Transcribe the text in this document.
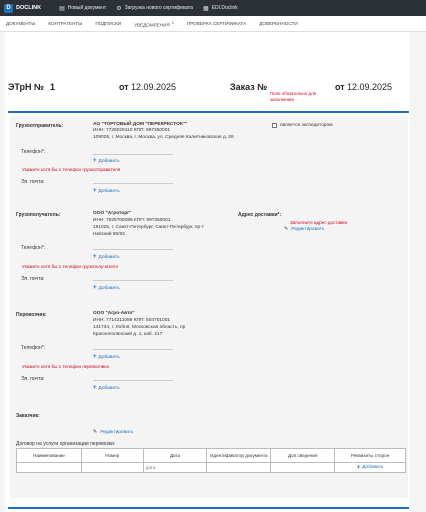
D DOCLINK	▤ Новый документ ⚙ Загрузка нового сертификата ▦ EDI.Doclink
ДОКУМЕНТЫ	КОНТРАГЕНТЫ	ПОДПИСКИ	УВЕДОМЛЕНИЯ$^1$	ПРОВЕРКА СЕРТИФИКАТА	ДОВЕРЕННОСТИ
ЭТрН № 1	от 12.09.2025	Заказ №
Поле обязательно для заполнения
от 12.09.2025
Грузоотправитель:	АО "ТОРГОВЫЙ ДОМ "ПЕРЕКРЕСТОК""
ИНН: 7728029110 КПП: 997350001
109029, г. Москва, г. Москва, ул. Средняя Калитниковская д. 28
является экспедитором
Телефон*:
+ Добавить
Укажите хотя бы 1 телефон грузоотправителя
Эл. почта:
+ Добавить
Грузополучатель:	ООО "Агроторг"
ИНН: 7825706086 КПП: 997350001
191025, г. Санкт-Петербург, Санкт-Петербург, пр-т
Невский 90/92
Адрес доставки*:
Заполните адрес доставки
✎ Редактировать
Телефон*:
+ Добавить
Укажите хотя бы 1 телефон грузополучателя
Эл. почта:
+ Добавить
Перевозчик:	ООО "Агро-Авто"
ИНН: 7714211088 КПП: 504701001
141734, г. Лобня, Московская область, пр
Краснополянский д. 1, каб. 217
Телефон*:
+ Добавить
Укажите хотя бы 1 телефон перевозчика
Эл. почта:
+ Добавить
Заказчик:
✎ Редактировать
Договор на услуги организации перевозки:
Наименование	Номер	Дата	Идентификатор документа	Доп.сведения	Реквизиты сторон
		дата			+ Добавить
